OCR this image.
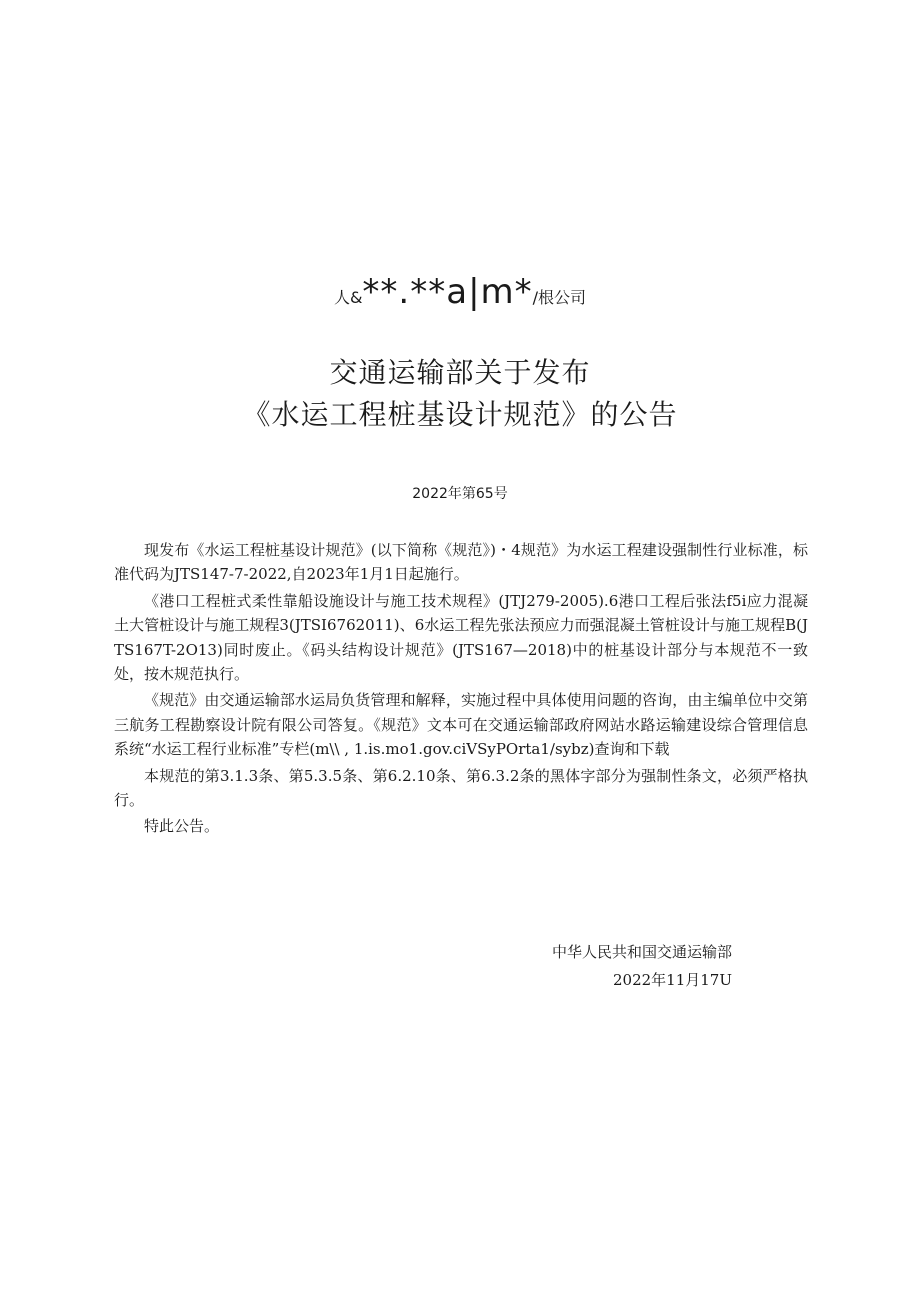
人&**.**a|m*/根公司
交通运输部关于发布
《水运工程桩基设计规范》的公告
2022年第65号

现发布《水运工程桩基设计规范》(以下简称《规范》)・4规范》为水运工程建设强制性行业标准，标准代码为JTS147-7-2022,自2023年1月1日起施行。

《港口工程桩式柔性靠船设施设计与施工技术规程》(JTJ279-2005).6港口工程后张法f5i应力混凝土大管桩设计与施工规程3(JTSI6762011)、6水运工程先张法预应力而强混凝土管桩设计与施工规程B(JTS167T-2O13)同时废止。《码头结构设计规范》(JTS167—2018)中的桩基设计部分与本规范不一致处，按木规范执行。

《规范》由交通运输部水运局负货管理和解释，实施过程中具体使用问题的咨询，由主编单位中交第三航务工程勘察设计院有限公司答复。《规范》文本可在交通运输部政府网站水路运输建设综合管理信息系统“水运工程行业标准”专栏(m\\ , 1.is.mo1.gov.ciVSyPOrta1∕sybz)查询和下载

本规范的第3.1.3条、第5.3.5条、第6.2.10条、第6.3.2条的黑体字部分为强制性条文，必须严格执行。

特此公告。

中华人民共和国交通运输部
2022年11月17U
